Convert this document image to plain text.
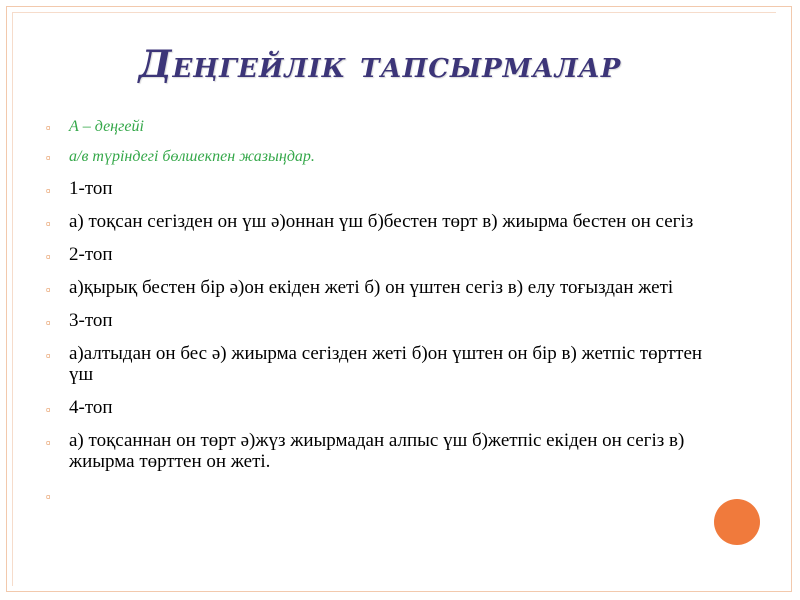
Деңгейлік тапсырмалар
▫ А – деңгейі
▫ а/в түріндегі бөлшекпен жазыңдар.
▫ 1-топ
▫ а) тоқсан сегізден он үш ә)оннан үш б)бестен төрт в) жиырма бестен он сегіз
▫ 2-топ
▫ а)қырық бестен бір ә)он екіден жеті б) он үштен сегіз в) елу тоғыздан жеті
▫ 3-топ
▫ а)алтыдан он бес ә) жиырма сегізден жеті б)он үштен он бір в) жетпіс төрттен үш
▫ 4-топ
▫ а) тоқсаннан он төрт ә)жүз жиырмадан алпыс үш б)жетпіс екіден он сегіз в) жиырма төрттен он жеті.
▫
